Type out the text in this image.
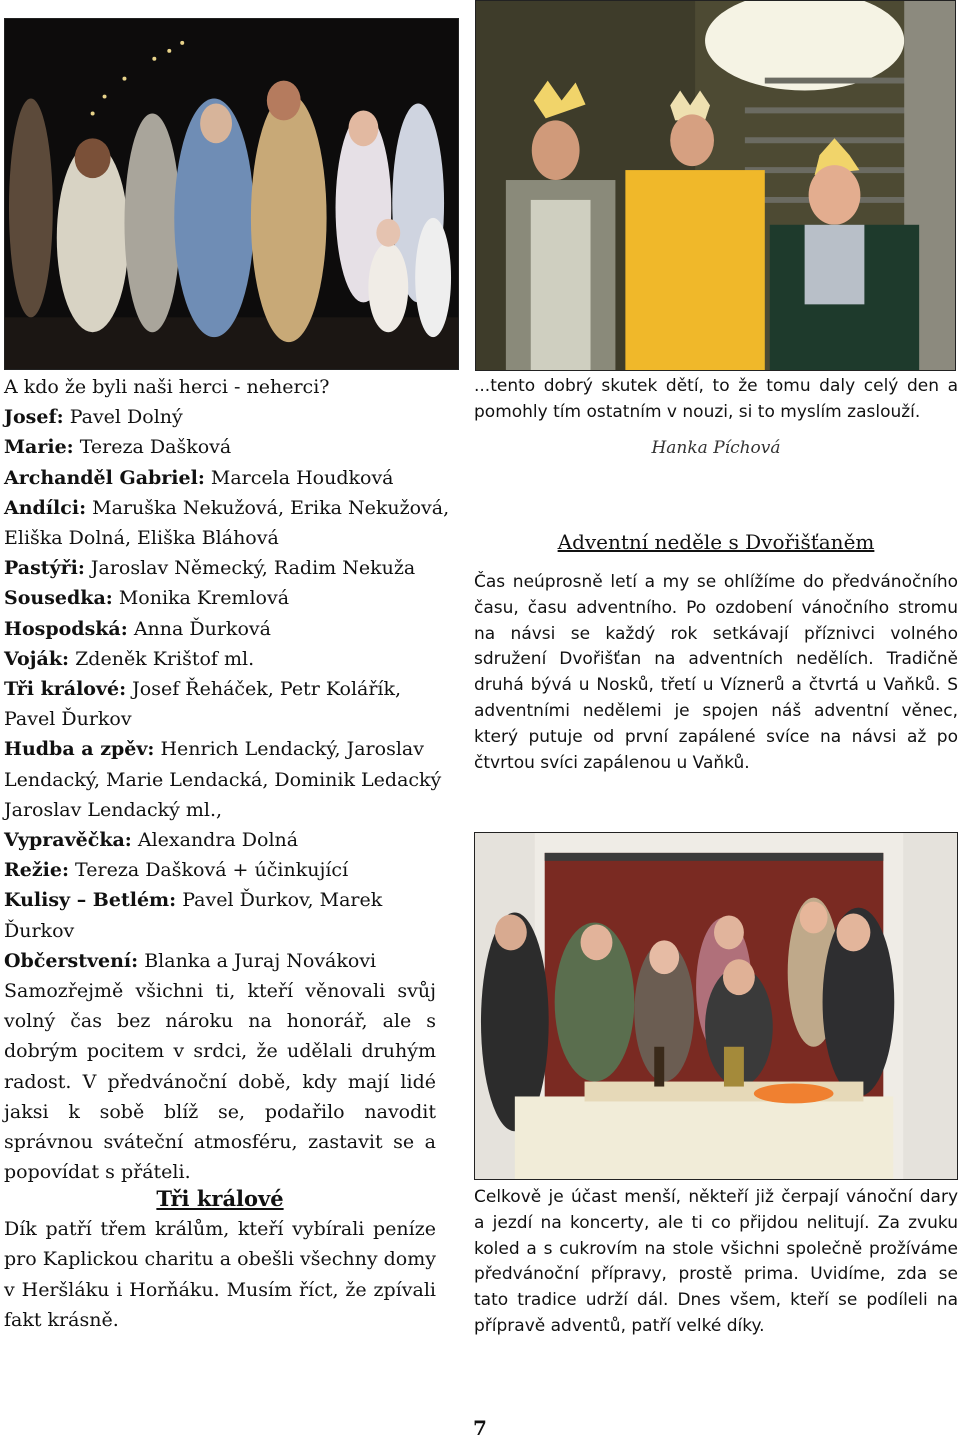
A kdo že byli naši herci - neherci?
Josef: Pavel Dolný
Marie: Tereza Dašková
Archanděl Gabriel: Marcela Houdková
Andílci: Maruška Nekužová, Erika Nekužová,
Eliška Dolná, Eliška Bláhová
Pastýři: Jaroslav Německý, Radim Nekuža
Sousedka: Monika Kremlová
Hospodská: Anna Ďurková
Voják: Zdeněk Krištof ml.
Tři králové: Josef Řeháček, Petr Kolářík,
Pavel Ďurkov
Hudba a zpěv: Henrich Lendacký, Jaroslav
Lendacký, Marie Lendacká, Dominik Ledacký
Jaroslav Lendacký ml.,
Vypravěčka: Alexandra Dolná
Režie: Tereza Dašková + účinkující
Kulisy – Betlém: Pavel Ďurkov, Marek
Ďurkov
Občerstvení: Blanka a Juraj Novákovi
Samozřejmě všichni ti, kteří věnovali svůj volný čas bez nároku na honorář, ale s dobrým pocitem v srdci, že udělali druhým radost. V předvánoční době, kdy mají lidé jaksi k sobě blíž se, podařilo navodit správnou sváteční atmosféru, zastavit se a popovídat s přáteli.
Tři králové
Dík patří třem králům, kteří vybírali peníze pro Kaplickou charitu a obešli všechny domy v Heršláku i Horňáku. Musím říct, že zpívali fakt krásně.
...tento dobrý skutek dětí, to že tomu daly celý den a pomohly tím ostatním v nouzi, si to myslím zaslouží.
Hanka Píchová
Adventní neděle s Dvořišťaněm
Čas neúprosně letí a my se ohlížíme do předvánočního času, času adventního. Po ozdobení vánočního stromu na návsi se každý rok setkávají příznivci volného sdružení Dvořišťan na adventních nedělích. Tradičně druhá bývá u Nosků, třetí u Víznerů a čtvrtá u Vaňků. S adventními nedělemi je spojen náš adventní věnec, který putuje od první zapálené svíce na návsi až po čtvrtou svíci zapálenou u Vaňků.
Celkově je účast menší, někteří již čerpají vánoční dary a jezdí na koncerty, ale ti co přijdou nelitují. Za zvuku koled a s cukrovím na stole všichni společně prožíváme předvánoční přípravy, prostě prima. Uvidíme, zda se tato tradice udrží dál. Dnes všem, kteří se podíleli na přípravě adventů, patří velké díky.
7
